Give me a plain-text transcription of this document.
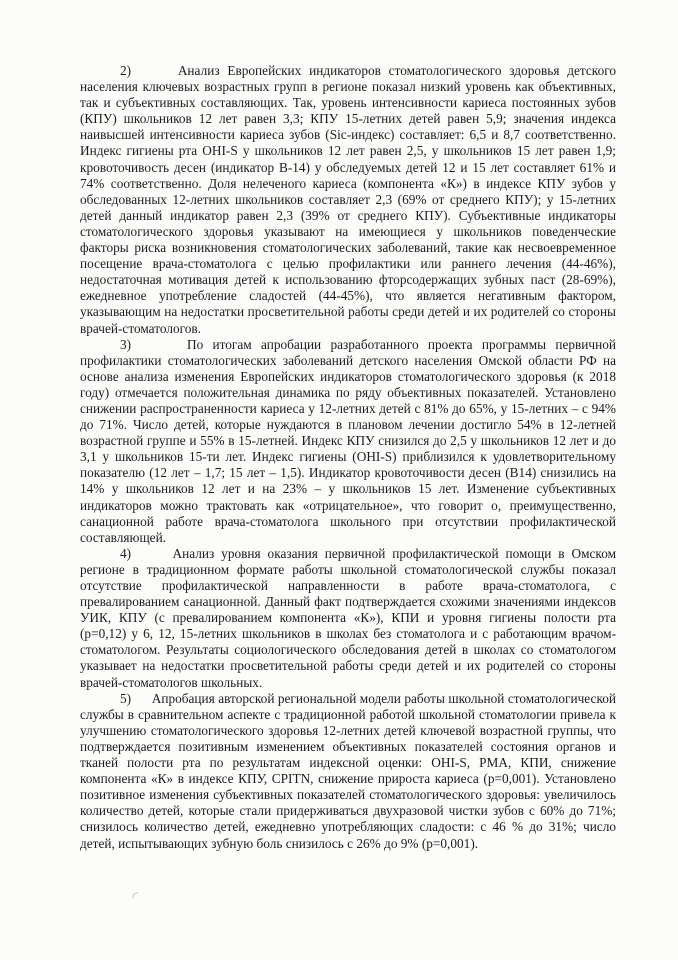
2)	Анализ Европейских индикаторов стоматологического здоровья детского населения ключевых возрастных групп в регионе показал низкий уровень как объективных, так и субъективных составляющих. Так, уровень интенсивности кариеса постоянных зубов (КПУ) школьников 12 лет равен 3,3; КПУ 15-летних детей равен 5,9; значения индекса наивысшей интенсивности кариеса зубов (Sic-индекс) составляет: 6,5 и 8,7 соответственно. Индекс гигиены рта OHI-S у школьников 12 лет равен 2,5, у школьников 15 лет равен 1,9; кровоточивость десен (индикатор В-14) у обследуемых детей 12 и 15 лет составляет 61% и 74% соответственно. Доля нелеченого кариеса (компонента «К») в индексе КПУ зубов у обследованных 12-летних школьников составляет 2,3 (69% от среднего КПУ); у 15-летних детей данный индикатор равен 2,3 (39% от среднего КПУ). Субъективные индикаторы стоматологического здоровья указывают на имеющиеся у школьников поведенческие факторы риска возникновения стоматологических заболеваний, такие как несвоевременное посещение врача-стоматолога с целью профилактики или раннего лечения (44-46%), недостаточная мотивация детей к использованию фторсодержащих зубных паст (28-69%), ежедневное употребление сладостей (44-45%), что является негативным фактором, указывающим на недостатки просветительной работы среди детей и их родителей со стороны врачей-стоматологов.

3)	По итогам апробации разработанного проекта программы первичной профилактики стоматологических заболеваний детского населения Омской области РФ на основе анализа изменения Европейских индикаторов стоматологического здоровья (к 2018 году) отмечается положительная динамика по ряду объективных показателей. Установлено снижении распространенности кариеса у 12-летних детей с 81% до 65%, у 15-летних – с 94% до 71%. Число детей, которые нуждаются в плановом лечении достигло 54% в 12-летней возрастной группе и 55% в 15-летней. Индекс КПУ снизился до 2,5 у школьников 12 лет и до 3,1 у школьников 15-ти лет. Индекс гигиены (OHI-S) приблизился к удовлетворительному показателю (12 лет – 1,7; 15 лет – 1,5). Индикатор кровоточивости десен (B14) снизились на 14% у школьников 12 лет и на 23% – у школьников 15 лет. Изменение субъективных индикаторов можно трактовать как «отрицательное», что говорит о, преимущественно, санационной работе врача-стоматолога школьного при отсутствии профилактической составляющей.

4)	Анализ уровня оказания первичной профилактической помощи в Омском регионе в традиционном формате работы школьной стоматологической службы показал отсутствие профилактической направленности в работе врача-стоматолога, с превалированием санационной. Данный факт подтверждается схожими значениями индексов УИК, КПУ (с превалированием компонента «К»), КПИ и уровня гигиены полости рта (р=0,12) у 6, 12, 15-летних школьников в школах без стоматолога и с работающим врачом-стоматологом. Результаты социологического обследования детей в школах со стоматологом указывает на недостатки просветительной работы среди детей и их родителей со стороны врачей-стоматологов школьных.

5) Апробация авторской региональной модели работы школьной стоматологической службы в сравнительном аспекте с традиционной работой школьной стоматологии привела к улучшению стоматологического здоровья 12-летних детей ключевой возрастной группы, что подтверждается позитивным изменением объективных показателей состояния органов и тканей полости рта по результатам индексной оценки: OHI-S, PMA, КПИ, снижение компонента «К» в индексе КПУ, CPITN, снижение прироста кариеса (р=0,001). Установлено позитивное изменения субъективных показателей стоматологического здоровья: увеличилось количество детей, которые стали придерживаться двухразовой чистки зубов с 60% до 71%; снизилось количество детей, ежедневно употребляющих сладости: с 46 % до 31%; число детей, испытывающих зубную боль снизилось с 26% до 9% (р=0,001).
